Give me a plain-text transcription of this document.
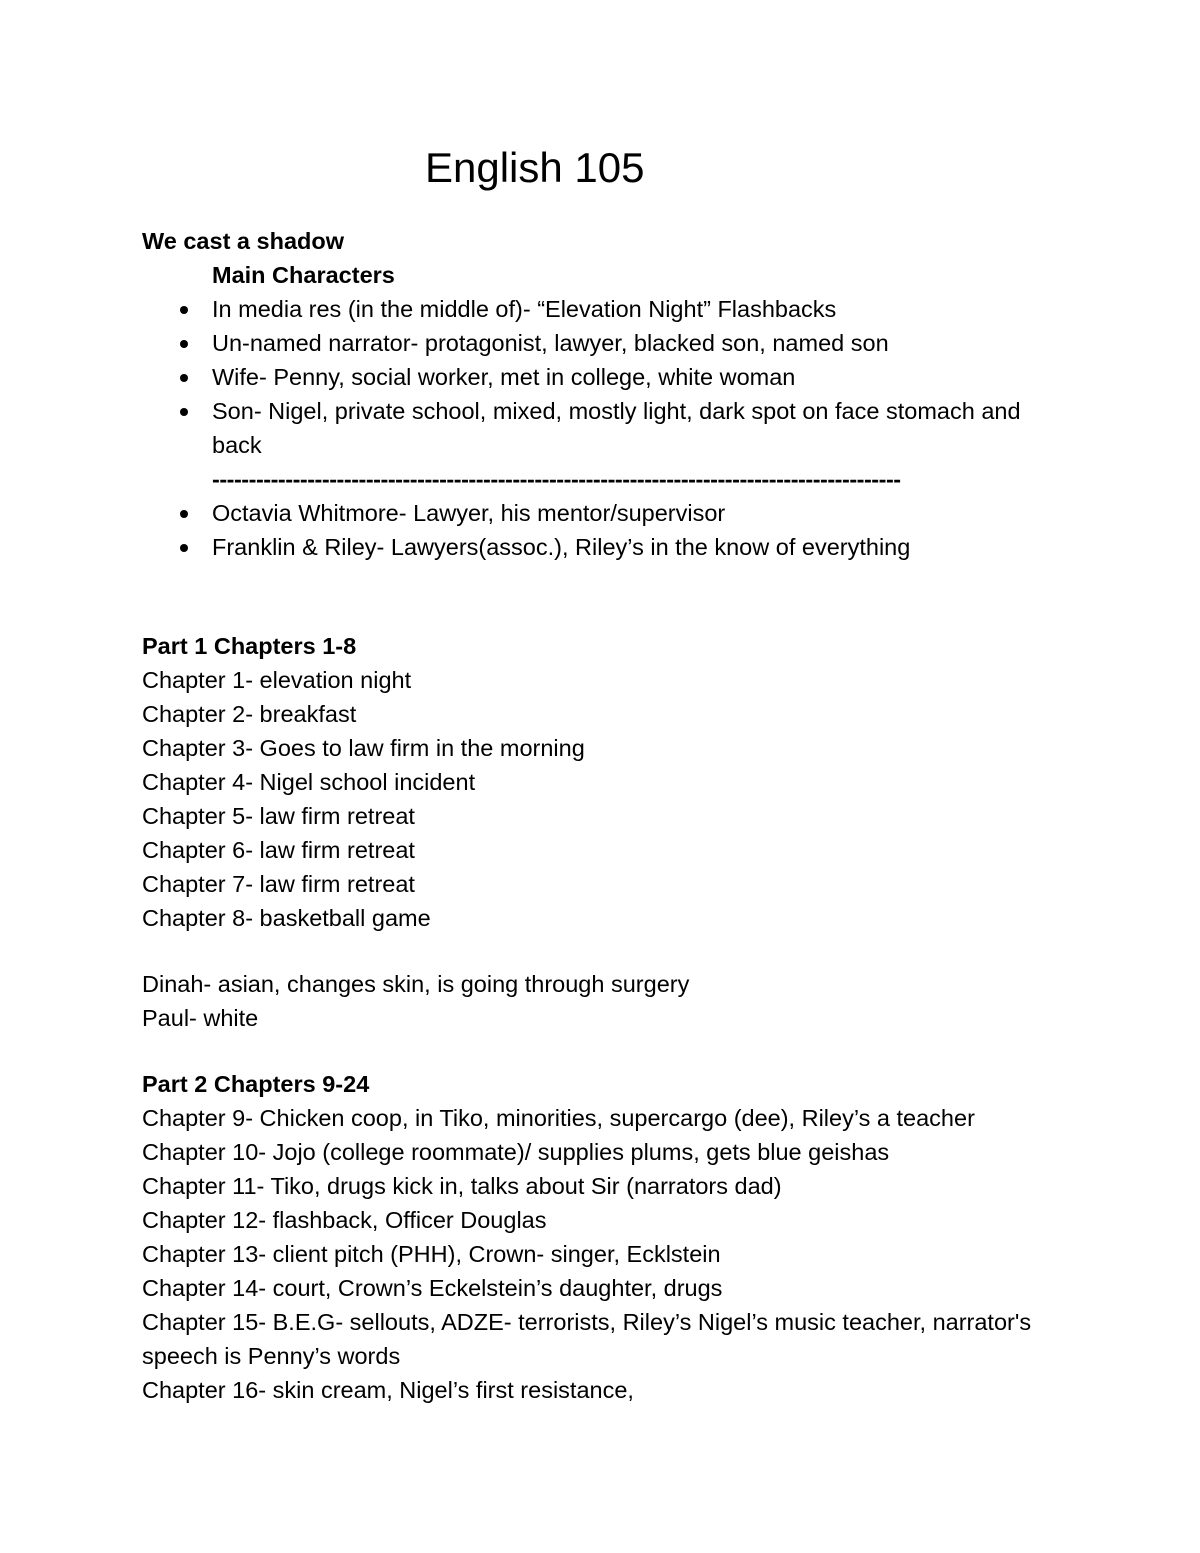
English 105
We cast a shadow
Main Characters
In media res (in the middle of)- “Elevation Night” Flashbacks
Un-named narrator- protagonist, lawyer, blacked son, named son
Wife- Penny, social worker, met in college, white woman
Son- Nigel, private school, mixed, mostly light, dark spot on face stomach and back
----------------------------------------------------------------------------------------------
Octavia Whitmore- Lawyer, his mentor/supervisor
Franklin & Riley- Lawyers(assoc.), Riley’s in the know of everything
Part 1 Chapters 1-8
Chapter 1- elevation night
Chapter 2- breakfast
Chapter 3- Goes to law firm in the morning
Chapter 4- Nigel school incident
Chapter 5- law firm retreat
Chapter 6- law firm retreat
Chapter 7- law firm retreat
Chapter 8- basketball game
Dinah- asian, changes skin, is going through surgery
Paul- white
Part 2 Chapters 9-24
Chapter 9- Chicken coop, in Tiko, minorities, supercargo (dee), Riley’s a teacher
Chapter 10- Jojo (college roommate)/ supplies plums, gets blue geishas
Chapter 11- Tiko, drugs kick in, talks about Sir (narrators dad)
Chapter 12- flashback, Officer Douglas
Chapter 13- client pitch (PHH), Crown- singer, Ecklstein
Chapter 14- court, Crown’s Eckelstein’s daughter, drugs
Chapter 15- B.E.G- sellouts, ADZE- terrorists, Riley’s Nigel’s music teacher, narrator's speech is Penny’s words
Chapter 16- skin cream, Nigel’s first resistance,
